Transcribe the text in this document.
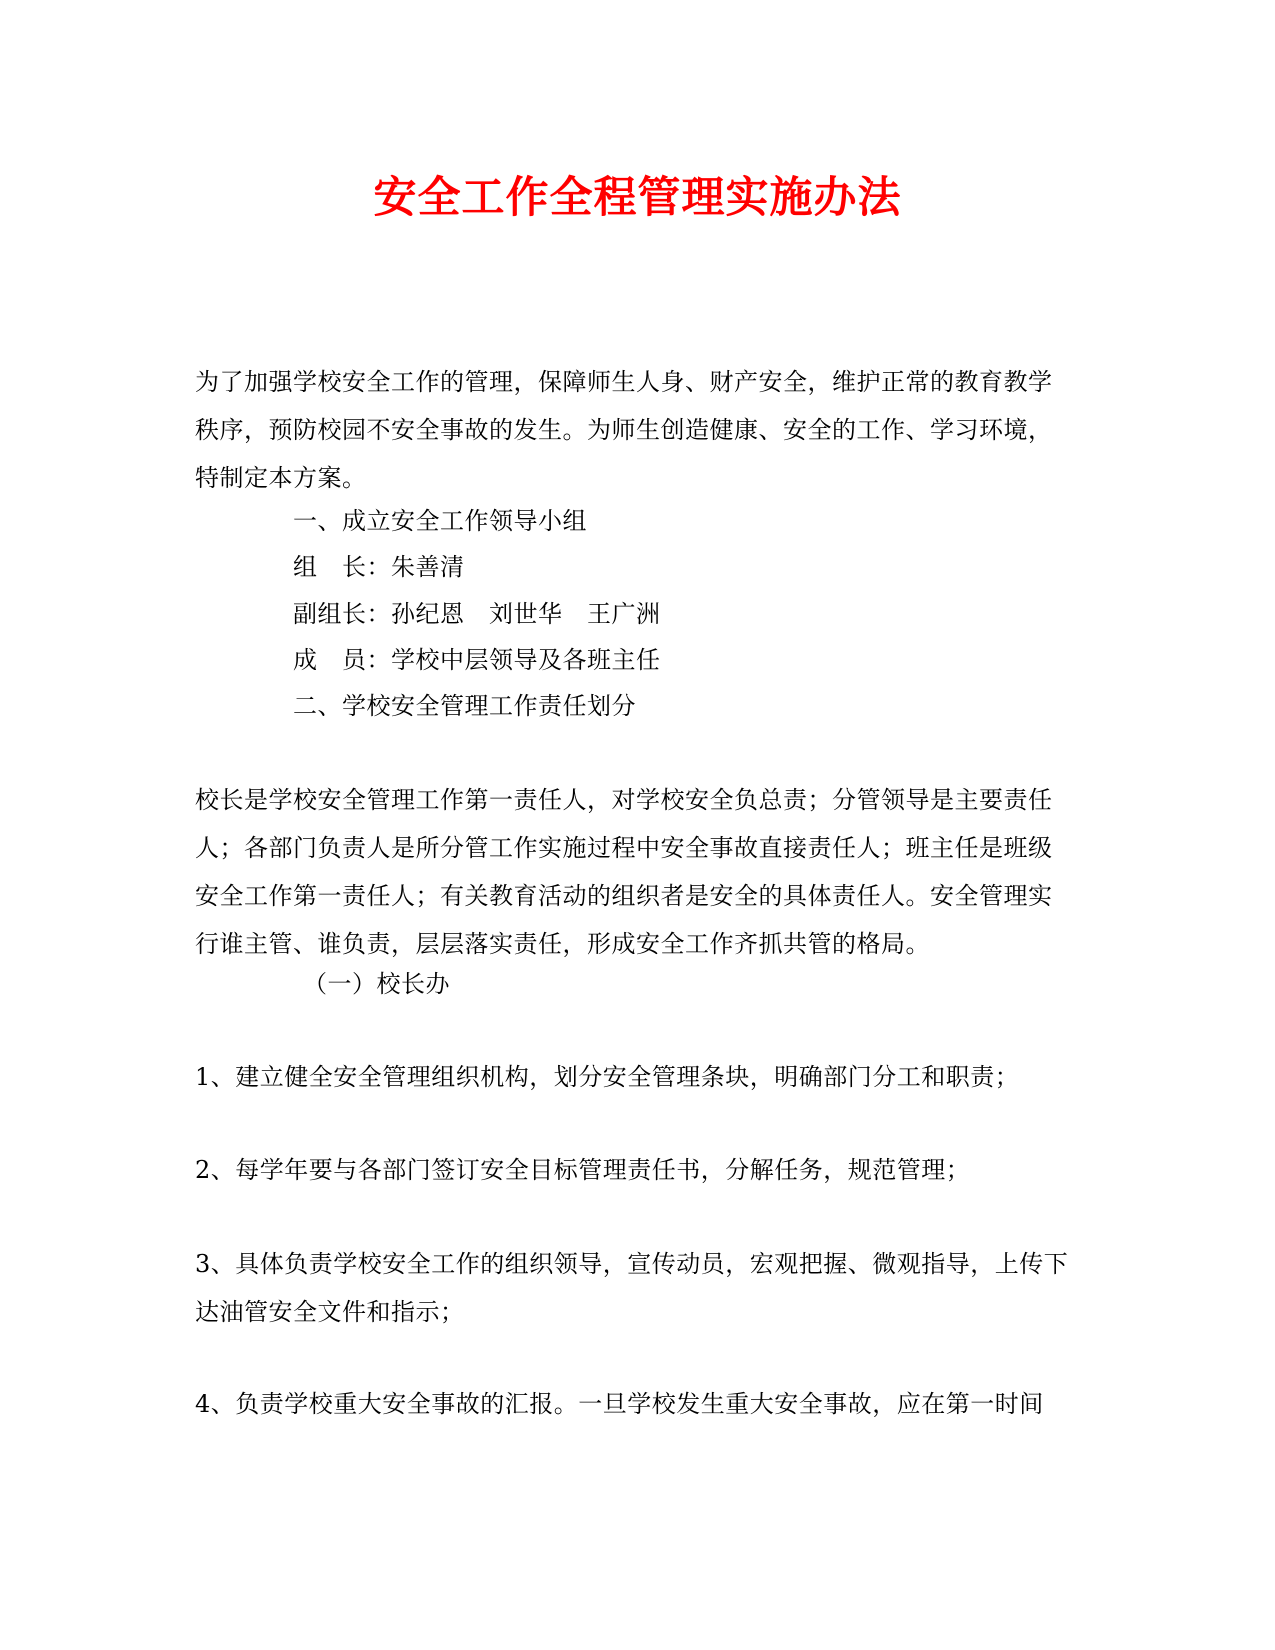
安全工作全程管理实施办法

为了加强学校安全工作的管理，保障师生人身、财产安全，维护正常的教育教学秩序，预防校园不安全事故的发生。为师生创造健康、安全的工作、学习环境，特制定本方案。

一、成立安全工作领导小组

组　长：朱善清

副组长：孙纪恩　刘世华　王广洲

成　员：学校中层领导及各班主任

二、学校安全管理工作责任划分

校长是学校安全管理工作第一责任人，对学校安全负总责；分管领导是主要责任人；各部门负责人是所分管工作实施过程中安全事故直接责任人；班主任是班级安全工作第一责任人；有关教育活动的组织者是安全的具体责任人。安全管理实行谁主管、谁负责，层层落实责任，形成安全工作齐抓共管的格局。

（一）校长办

1、建立健全安全管理组织机构，划分安全管理条块，明确部门分工和职责；

2、每学年要与各部门签订安全目标管理责任书，分解任务，规范管理；

3、具体负责学校安全工作的组织领导，宣传动员，宏观把握、微观指导，上传下达油管安全文件和指示；

4、负责学校重大安全事故的汇报。一旦学校发生重大安全事故，应在第一时间
